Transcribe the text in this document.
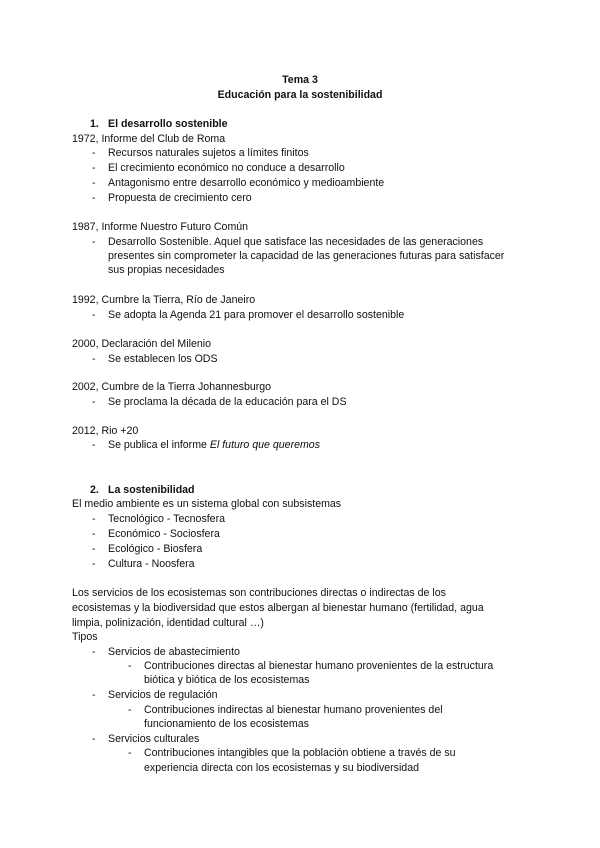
Tema 3
Educación para la sostenibilidad
1. El desarrollo sostenible
1972, Informe del Club de Roma
- Recursos naturales sujetos a límites finitos
- El crecimiento económico no conduce a desarrollo
- Antagonismo entre desarrollo económico y medioambiente
- Propuesta de crecimiento cero
1987, Informe Nuestro Futuro Común
- Desarrollo Sostenible. Aquel que satisface las necesidades de las generaciones
presentes sin comprometer la capacidad de las generaciones futuras para satisfacer
sus propias necesidades
1992, Cumbre la Tierra, Río de Janeiro
- Se adopta la Agenda 21 para promover el desarrollo sostenible
2000, Declaración del Milenio
- Se establecen los ODS
2002, Cumbre de la Tierra Johannesburgo
- Se proclama la década de la educación para el DS
2012, Rio +20
- Se publica el informe El futuro que queremos
2. La sostenibilidad
El medio ambiente es un sistema global con subsistemas
- Tecnológico - Tecnosfera
- Económico - Sociosfera
- Ecológico - Biosfera
- Cultura - Noosfera
Los servicios de los ecosistemas son contribuciones directas o indirectas de los
ecosistemas y la biodiversidad que estos albergan al bienestar humano (fertilidad, agua
limpia, polinización, identidad cultural …)
Tipos
- Servicios de abastecimiento
- Contribuciones directas al bienestar humano provenientes de la estructura
biótica y biótica de los ecosistemas
- Servicios de regulación
- Contribuciones indirectas al bienestar humano provenientes del
funcionamiento de los ecosistemas
- Servicios culturales
- Contribuciones intangibles que la población obtiene a través de su
experiencia directa con los ecosistemas y su biodiversidad
